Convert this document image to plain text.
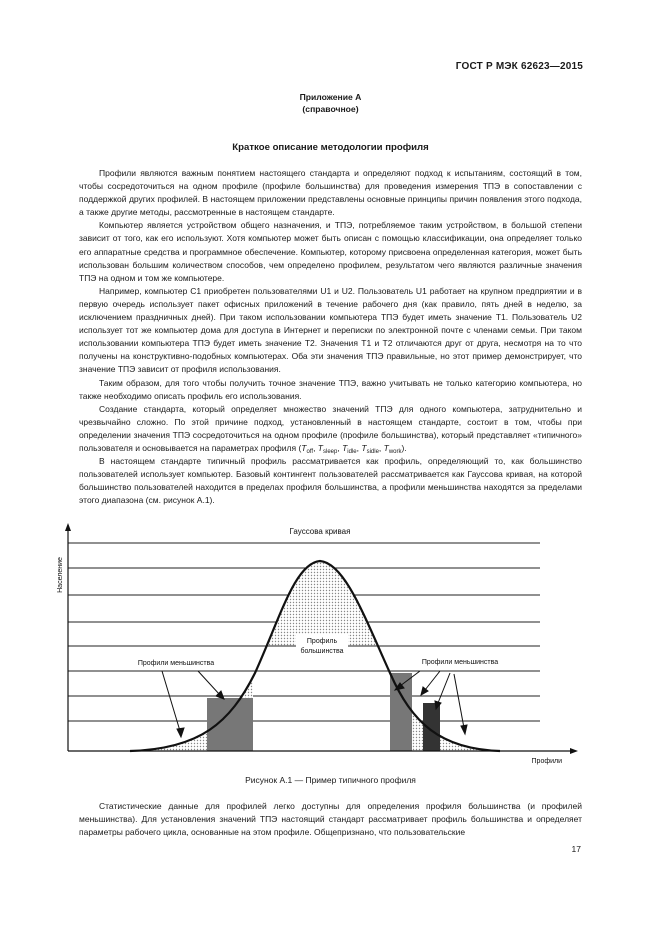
ГОСТ Р МЭК 62623—2015
Приложение А
(справочное)
Краткое описание методологии профиля

Профили являются важным понятием настоящего стандарта и определяют подход к испытаниям, состоящий в том, чтобы сосредоточиться на одном профиле (профиле большинства) для проведения измерения ТПЭ в сопоставлении с поддержкой других профилей. В настоящем приложении представлены основные принципы причин появления этого подхода, а также другие методы, рассмотренные в настоящем стандарте.

Компьютер является устройством общего назначения, и ТПЭ, потребляемое таким устройством, в большой степени зависит от того, как его используют. Хотя компьютер может быть описан с помощью классификации, она определяет только его аппаратные средства и программное обеспечение. Компьютер, которому присвоена определенная категория, может быть использован большим количеством способов, чем определено профилем, результатом чего являются различные значения ТПЭ на одном и том же компьютере.

Например, компьютер С1 приобретен пользователями U1 и U2. Пользователь U1 работает на крупном предприятии и в первую очередь использует пакет офисных приложений в течение рабочего дня (как правило, пять дней в неделю, за исключением праздничных дней). При таком использовании компьютера ТПЭ будет иметь значение Т1. Пользователь U2 использует тот же компьютер дома для доступа в Интернет и переписки по электронной почте с членами семьи. При таком использовании компьютера ТПЭ будет иметь значение Т2. Значения Т1 и Т2 отличаются друг от друга, несмотря на то что получены на конструктивно-подобных компьютерах. Оба эти значения ТПЭ правильные, но этот пример демонстрирует, что значение ТПЭ зависит от профиля использования.

Таким образом, для того чтобы получить точное значение ТПЭ, важно учитывать не только категорию компьютера, но также необходимо описать профиль его использования.

Создание стандарта, который определяет множество значений ТПЭ для одного компьютера, затруднительно и чрезвычайно сложно. По этой причине подход, установленный в настоящем стандарте, состоит в том, чтобы при определении значения ТПЭ сосредоточиться на одном профиле (профиле большинства), который представляет «типичного» пользователя и основывается на параметрах профиля ($T_{off}$, $T_{sleep}$, $T_{idle}$, $T_{sidle}$, $T_{work}$).

В настоящем стандарте типичный профиль рассматривается как профиль, определяющий то, как большинство пользователей использует компьютер. Базовый контингент пользователей рассматривается как Гауссова кривая, на которой большинство пользователей находится в пределах профиля большинства, а профили меньшинства находятся за пределами этого диапазона (см. рисунок А.1).

Гауссова кривая
Население
Профили
Профиль
большинства
Профили меньшинства	Профили меньшинства
Рисунок А.1 — Пример типичного профиля

Статистические данные для профилей легко доступны для определения профиля большинства (и профилей меньшинства). Для установления значений ТПЭ настоящий стандарт рассматривает профиль большинства и определяет параметры рабочего цикла, основанные на этом профиле. Общепризнано, что пользовательские

17
